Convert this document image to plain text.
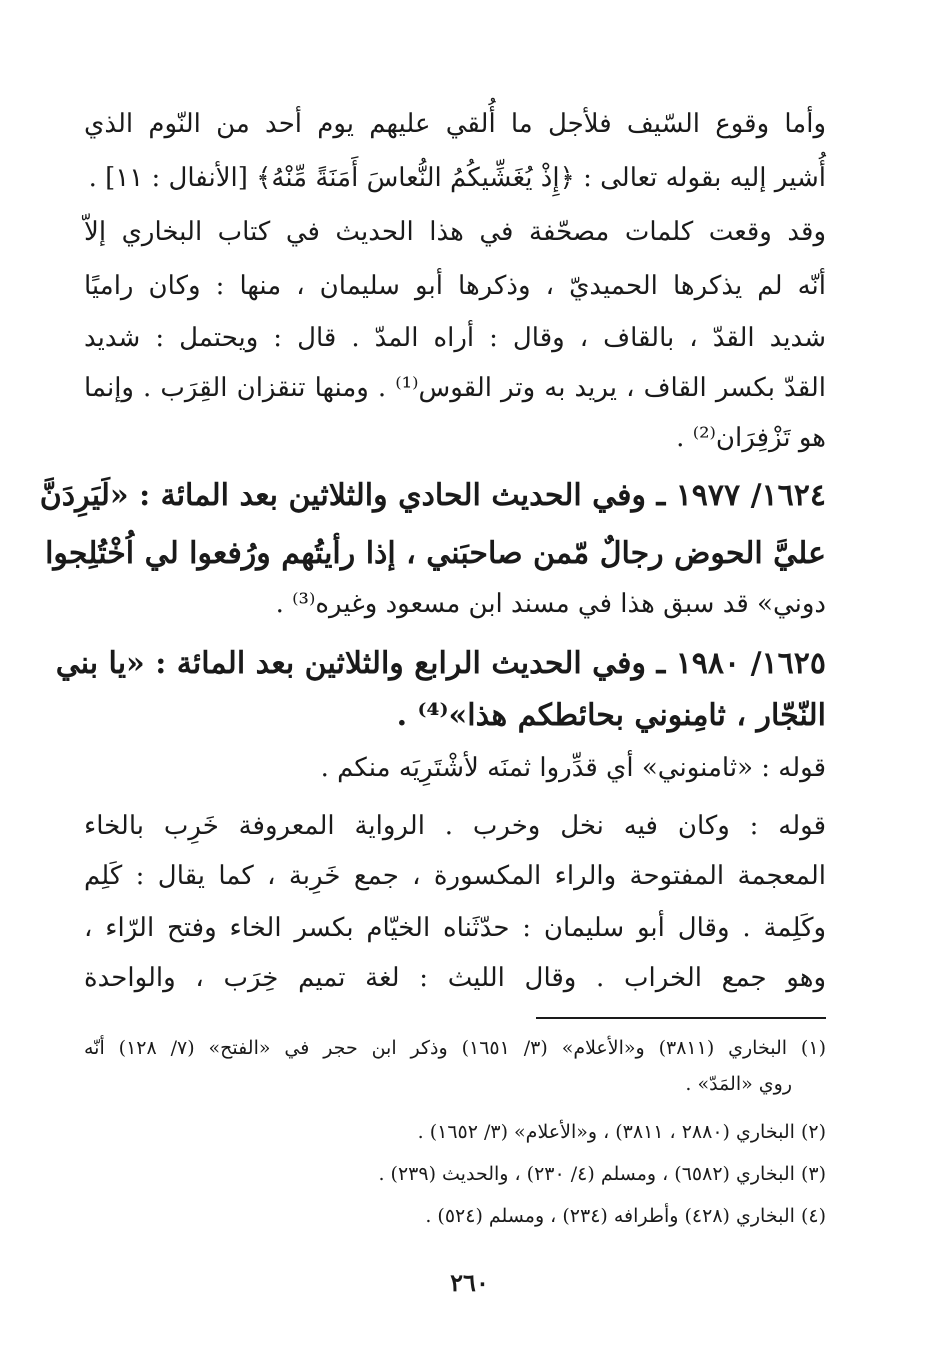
وأما وقوع السّيف فلأجل ما أُلقي عليهم يوم أحد من النّوم الذي
أُشير إليه بقوله تعالى : ﴿إِذْ يُغَشِّيكُمُ النُّعاسَ أَمَنَةً مِّنْهُ﴾ [الأنفال : ١١] .
وقد وقعت كلمات مصحّفة في هذا الحديث في كتاب البخاري إلاّ
أنّه لم يذكرها الحميديّ ، وذكرها أبو سليمان ، منها : وكان راميًا
شديد القدّ ، بالقاف ، وقال : أراه المدّ . قال : ويحتمل : شديد
القدّ بكسر القاف ، يريد به وتر القوس⁽¹⁾ . ومنها تنقزان القِرَب . وإنما
هو تَزْفِرَان⁽²⁾ .
١٦٢٤/ ١٩٧٧ ـ وفي الحديث الحادي والثلاثين بعد المائة : «لَيَرِدَنَّ
عليَّ الحوض رجالٌ مّمن صاحبَني ، إذا رأيتُهم ورُفعوا لي اُخْتُلِجوا
دوني» قد سبق هذا في مسند ابن مسعود وغيره⁽³⁾ .
١٦٢٥/ ١٩٨٠ ـ وفي الحديث الرابع والثلاثين بعد المائة : «يا بني
النّجّار ، ثامِنوني بحائطكم هذا»⁽⁴⁾ .
قوله : «ثامنوني» أي قدِّروا ثمنَه لأشْتَرِيَه منكم .
قوله : وكان فيه نخل وخرب . الرواية المعروفة خَرِب بالخاء
المعجمة المفتوحة والراء المكسورة ، جمع خَرِبة ، كما يقال : كَلِم
وكَلِمة . وقال أبو سليمان : حدّثَناه الخيّام بكسر الخاء وفتح الرّاء ،
وهو جمع الخراب . وقال الليث : لغة تميم خِرَب ، والواحدة
(١) البخاري (٣٨١١) و«الأعلام» (٣/ ١٦٥١) وذكر ابن حجر في «الفتح» (٧/ ١٢٨) أنّه
روي «المَدّ» .
(٢) البخاري (٢٨٨٠ ، ٣٨١١) ، و«الأعلام» (٣/ ١٦٥٢) .
(٣) البخاري (٦٥٨٢) ، ومسلم (٤/ ٢٣٠) ، والحديث (٢٣٩) .
(٤) البخاري (٤٢٨) وأطرافه (٢٣٤) ، ومسلم (٥٢٤) .
٢٦٠
